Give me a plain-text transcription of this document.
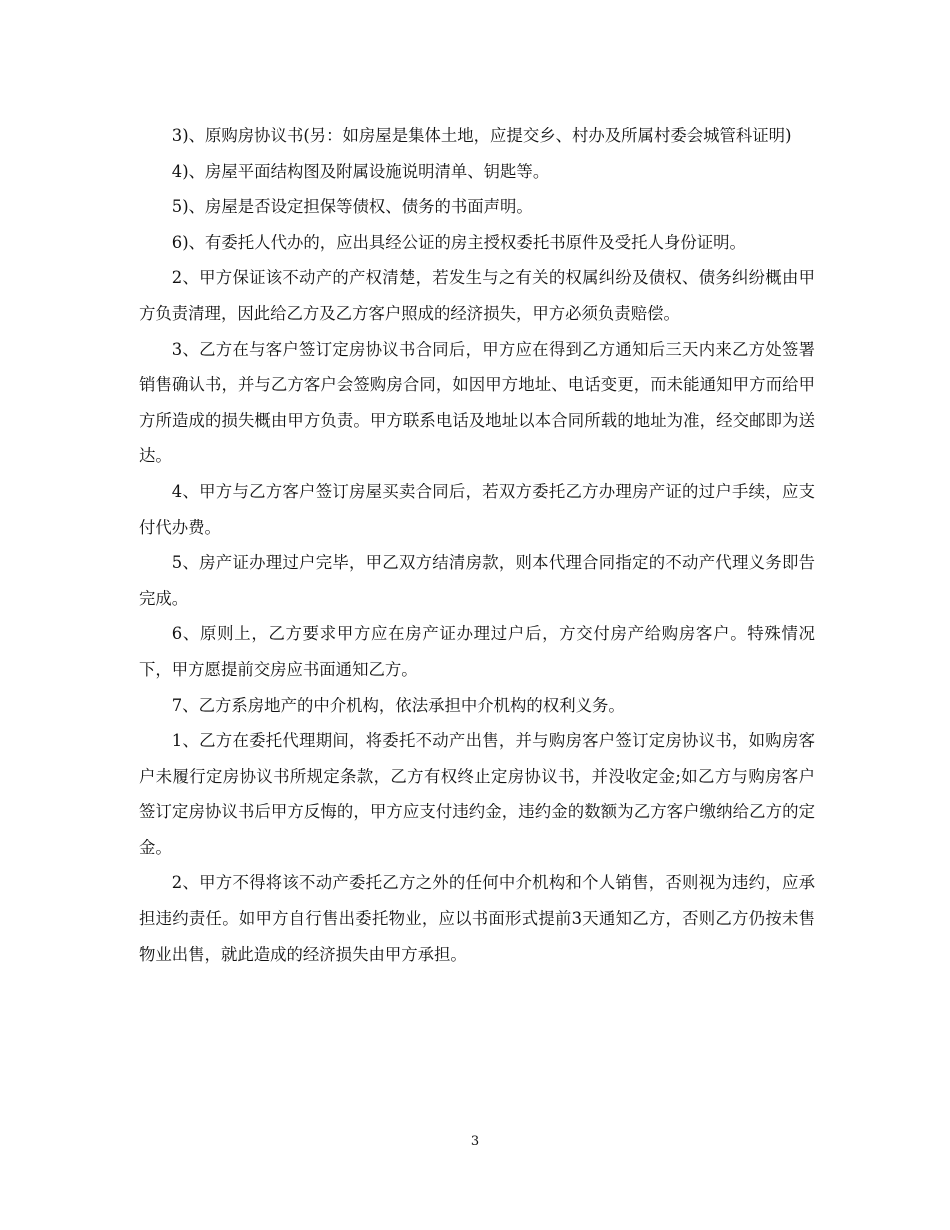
3)、原购房协议书(另：如房屋是集体土地，应提交乡、村办及所属村委会城管科证明)

4)、房屋平面结构图及附属设施说明清单、钥匙等。

5)、房屋是否设定担保等债权、债务的书面声明。

6)、有委托人代办的，应出具经公证的房主授权委托书原件及受托人身份证明。

2、甲方保证该不动产的产权清楚，若发生与之有关的权属纠纷及债权、债务纠纷概由甲方负责清理，因此给乙方及乙方客户照成的经济损失，甲方必须负责赔偿。

3、乙方在与客户签订定房协议书合同后，甲方应在得到乙方通知后三天内来乙方处签署销售确认书，并与乙方客户会签购房合同，如因甲方地址、电话变更，而未能通知甲方而给甲方所造成的损失概由甲方负责。甲方联系电话及地址以本合同所载的地址为准，经交邮即为送达。

4、甲方与乙方客户签订房屋买卖合同后，若双方委托乙方办理房产证的过户手续，应支付代办费。

5、房产证办理过户完毕，甲乙双方结清房款，则本代理合同指定的不动产代理义务即告完成。

6、原则上，乙方要求甲方应在房产证办理过户后，方交付房产给购房客户。特殊情况下，甲方愿提前交房应书面通知乙方。

7、乙方系房地产的中介机构，依法承担中介机构的权利义务。

1、乙方在委托代理期间，将委托不动产出售，并与购房客户签订定房协议书，如购房客户未履行定房协议书所规定条款，乙方有权终止定房协议书，并没收定金;如乙方与购房客户签订定房协议书后甲方反悔的，甲方应支付违约金，违约金的数额为乙方客户缴纳给乙方的定金。

2、甲方不得将该不动产委托乙方之外的任何中介机构和个人销售，否则视为违约，应承担违约责任。如甲方自行售出委托物业，应以书面形式提前3天通知乙方，否则乙方仍按未售物业出售，就此造成的经济损失由甲方承担。

3
